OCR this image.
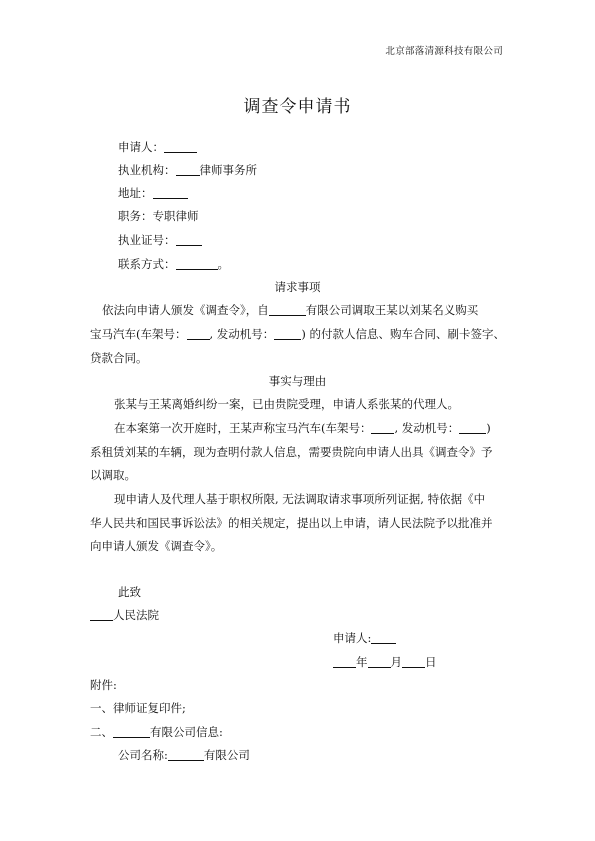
北京部落清源科技有限公司
调查令申请书
申请人：
执业机构： 律师事务所
地址：
职务：专职律师
执业证号：
联系方式：	。
请求事项
依法向申请人颁发《调查令》，自	有限公司调取王某以刘某名义购买
宝马汽车(车架号： , 发动机号： ) 的付款人信息、购车合同、刷卡签字、
贷款合同。
事实与理由
张某与王某离婚纠纷一案，已由贵院受理，申请人系张某的代理人。
在本案第一次开庭时，王某声称宝马汽车(车架号： , 发动机号： )
系租赁刘某的车辆，现为查明付款人信息，需要贵院向申请人出具《调查令》予
以调取。
现申请人及代理人基于职权所限, 无法调取请求事项所列证据, 特依据《中
华人民共和国民事诉讼法》的相关规定，提出以上申请，请人民法院予以批准并
向申请人颁发《调查令》。
此致
人民法院
申请人:
年 月 日
附件:
一、律师证复印件;
二、	有限公司信息:
公司名称:	有限公司
